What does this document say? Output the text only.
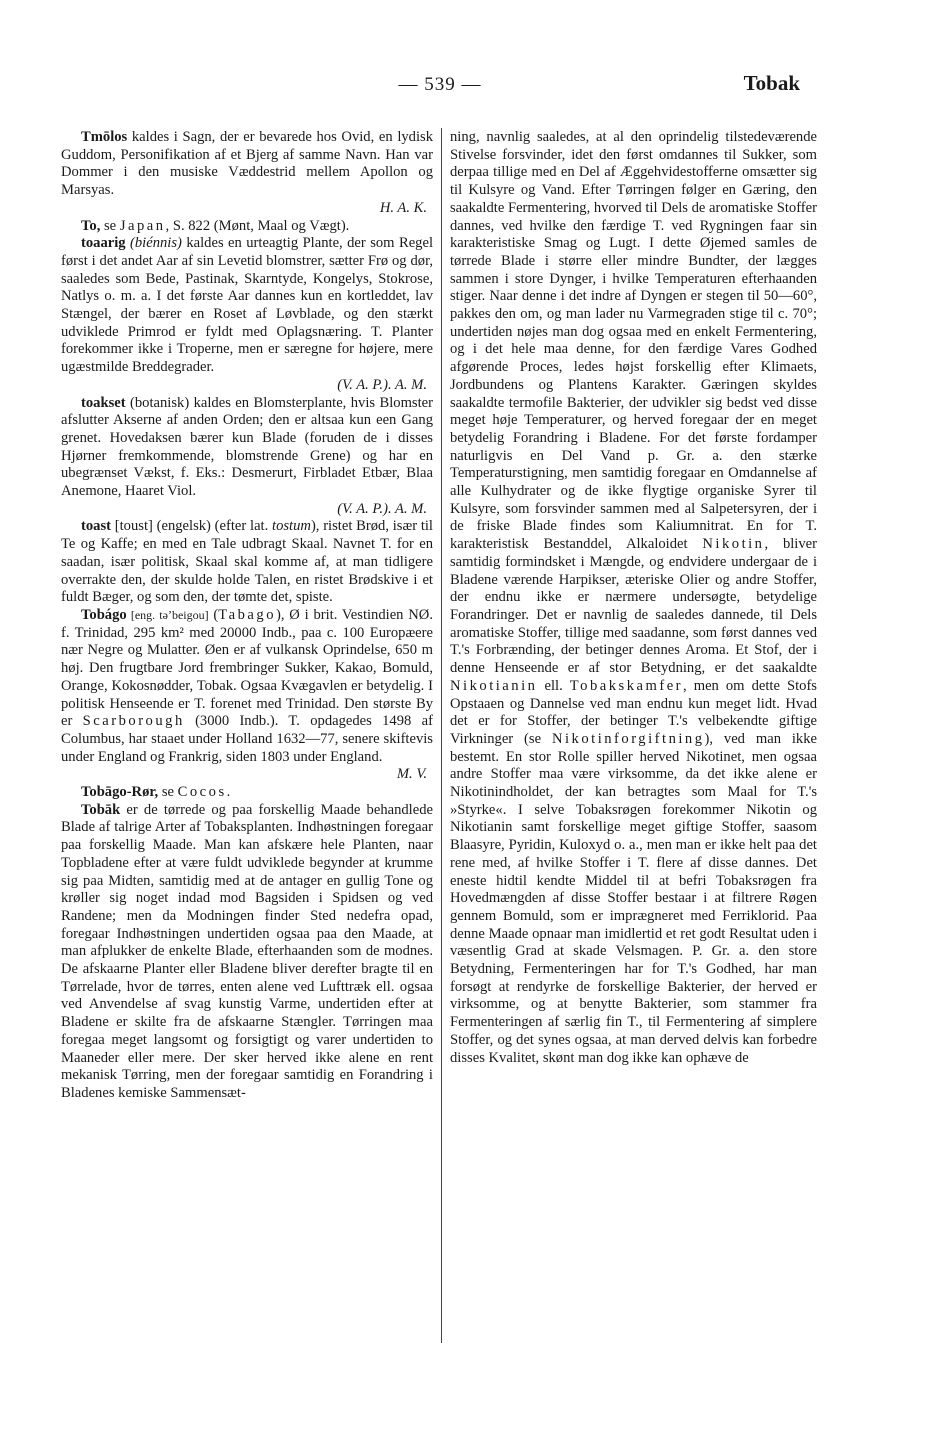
— 539 —	Tobak

Tmōlos kaldes i Sagn, der er bevarede hos Ovid, en lydisk Guddom, Personifikation af et Bjerg af samme Navn. Han var Dommer i den musiske Væddestrid mellem Apollon og Marsyas.

H. A. K.

To, se Japan, S. 822 (Mønt, Maal og Vægt).

toaarig (biénnis) kaldes en urteagtig Plante, der som Regel først i det andet Aar af sin Levetid blomstrer, sætter Frø og dør, saaledes som Bede, Pastinak, Skarntyde, Kongelys, Stokrose, Natlys o. m. a. I det første Aar dannes kun en kortleddet, lav Stængel, der bærer en Roset af Løvblade, og den stærkt udviklede Primrod er fyldt med Oplagsnæring. T. Planter forekommer ikke i Troperne, men er særegne for højere, mere ugæstmilde Breddegrader.

(V. A. P.). A. M.

toakset (botanisk) kaldes en Blomsterplante, hvis Blomster afslutter Akserne af anden Orden; den er altsaa kun een Gang grenet. Hovedaksen bærer kun Blade (foruden de i disses Hjørner fremkommende, blomstrende Grene) og har en ubegrænset Vækst, f. Eks.: Desmerurt, Firbladet Etbær, Blaa Anemone, Haaret Viol.

(V. A. P.). A. M.

toast [toust] (engelsk) (efter lat. tostum), ristet Brød, især til Te og Kaffe; en med en Tale udbragt Skaal. Navnet T. for en saadan, især politisk, Skaal skal komme af, at man tidligere overrakte den, der skulde holde Talen, en ristet Brødskive i et fuldt Bæger, og som den, der tømte det, spiste.

Tobágo [eng. təʼbeigou] (Tabago), Ø i brit. Vestindien NØ. f. Trinidad, 295 km² med 20000 Indb., paa c. 100 Europæere nær Negre og Mulatter. Øen er af vulkansk Oprindelse, 650 m høj. Den frugtbare Jord frembringer Sukker, Kakao, Bomuld, Orange, Kokosnødder, Tobak. Ogsaa Kvægavlen er betydelig. I politisk Henseende er T. forenet med Trinidad. Den største By er Scarborough (3000 Indb.). T. opdagedes 1498 af Columbus, har staaet under Holland 1632—77, senere skiftevis under England og Frankrig, siden 1803 under England.

M. V.

Tobāgo-Rør, se Cocos.

Tobāk er de tørrede og paa forskellig Maade behandlede Blade af talrige Arter af Tobaksplanten. Indhøstningen foregaar paa forskellig Maade. Man kan afskære hele Planten, naar Topbladene efter at være fuldt udviklede begynder at krumme sig paa Midten, samtidig med at de antager en gullig Tone og krøller sig noget indad mod Bagsiden i Spidsen og ved Randene; men da Modningen finder Sted nedefra opad, foregaar Indhøstningen undertiden ogsaa paa den Maade, at man afplukker de enkelte Blade, efterhaanden som de modnes. De afskaarne Planter eller Bladene bliver derefter bragte til en Tørrelade, hvor de tørres, enten alene ved Lufttræk ell. ogsaa ved Anvendelse af svag kunstig Varme, undertiden efter at Bladene er skilte fra de afskaarne Stængler. Tørringen maa foregaa meget langsomt og forsigtigt og varer undertiden to Maaneder eller mere. Der sker herved ikke alene en rent mekanisk Tørring, men der foregaar samtidig en Forandring i Bladenes kemiske Sammensæt-

ning, navnlig saaledes, at al den oprindelig tilstedeværende Stivelse forsvinder, idet den først omdannes til Sukker, som derpaa tillige med en Del af Æggehvidestofferne omsætter sig til Kulsyre og Vand. Efter Tørringen følger en Gæring, den saakaldte Fermentering, hvorved til Dels de aromatiske Stoffer dannes, ved hvilke den færdige T. ved Rygningen faar sin karakteristiske Smag og Lugt. I dette Øjemed samles de tørrede Blade i større eller mindre Bundter, der lægges sammen i store Dynger, i hvilke Temperaturen efterhaanden stiger. Naar denne i det indre af Dyngen er stegen til 50—60°, pakkes den om, og man lader nu Varmegraden stige til c. 70°; undertiden nøjes man dog ogsaa med en enkelt Fermentering, og i det hele maa denne, for den færdige Vares Godhed afgørende Proces, ledes højst forskellig efter Klimaets, Jordbundens og Plantens Karakter. Gæringen skyldes saakaldte termofile Bakterier, der udvikler sig bedst ved disse meget høje Temperaturer, og herved foregaar der en meget betydelig Forandring i Bladene. For det første fordamper naturligvis en Del Vand p. Gr. a. den stærke Temperaturstigning, men samtidig foregaar en Omdannelse af alle Kulhydrater og de ikke flygtige organiske Syrer til Kulsyre, som forsvinder sammen med al Salpetersyren, der i de friske Blade findes som Kaliumnitrat. En for T. karakteristisk Bestanddel, Alkaloidet Nikotin, bliver samtidig formindsket i Mængde, og endvidere undergaar de i Bladene værende Harpikser, æteriske Olier og andre Stoffer, der endnu ikke er nærmere undersøgte, betydelige Forandringer. Det er navnlig de saaledes dannede, til Dels aromatiske Stoffer, tillige med saadanne, som først dannes ved T.'s Forbrænding, der betinger dennes Aroma. Et Stof, der i denne Henseende er af stor Betydning, er det saakaldte Nikotianin ell. Tobakskamfer, men om dette Stofs Opstaaen og Dannelse ved man endnu kun meget lidt. Hvad det er for Stoffer, der betinger T.'s velbekendte giftige Virkninger (se Nikotinforgiftning), ved man ikke bestemt. En stor Rolle spiller herved Nikotinet, men ogsaa andre Stoffer maa være virksomme, da det ikke alene er Nikotinindholdet, der kan betragtes som Maal for T.'s »Styrke«. I selve Tobaksrøgen forekommer Nikotin og Nikotianin samt forskellige meget giftige Stoffer, saasom Blaasyre, Pyridin, Kuloxyd o. a., men man er ikke helt paa det rene med, af hvilke Stoffer i T. flere af disse dannes. Det eneste hidtil kendte Middel til at befri Tobaksrøgen fra Hovedmængden af disse Stoffer bestaar i at filtrere Røgen gennem Bomuld, som er imprægneret med Ferriklorid. Paa denne Maade opnaar man imidlertid et ret godt Resultat uden i væsentlig Grad at skade Velsmagen. P. Gr. a. den store Betydning, Fermenteringen har for T.'s Godhed, har man forsøgt at rendyrke de forskellige Bakterier, der herved er virksomme, og at benytte Bakterier, som stammer fra Fermenteringen af særlig fin T., til Fermentering af simplere Stoffer, og det synes ogsaa, at man derved delvis kan forbedre disses Kvalitet, skønt man dog ikke kan ophæve de
